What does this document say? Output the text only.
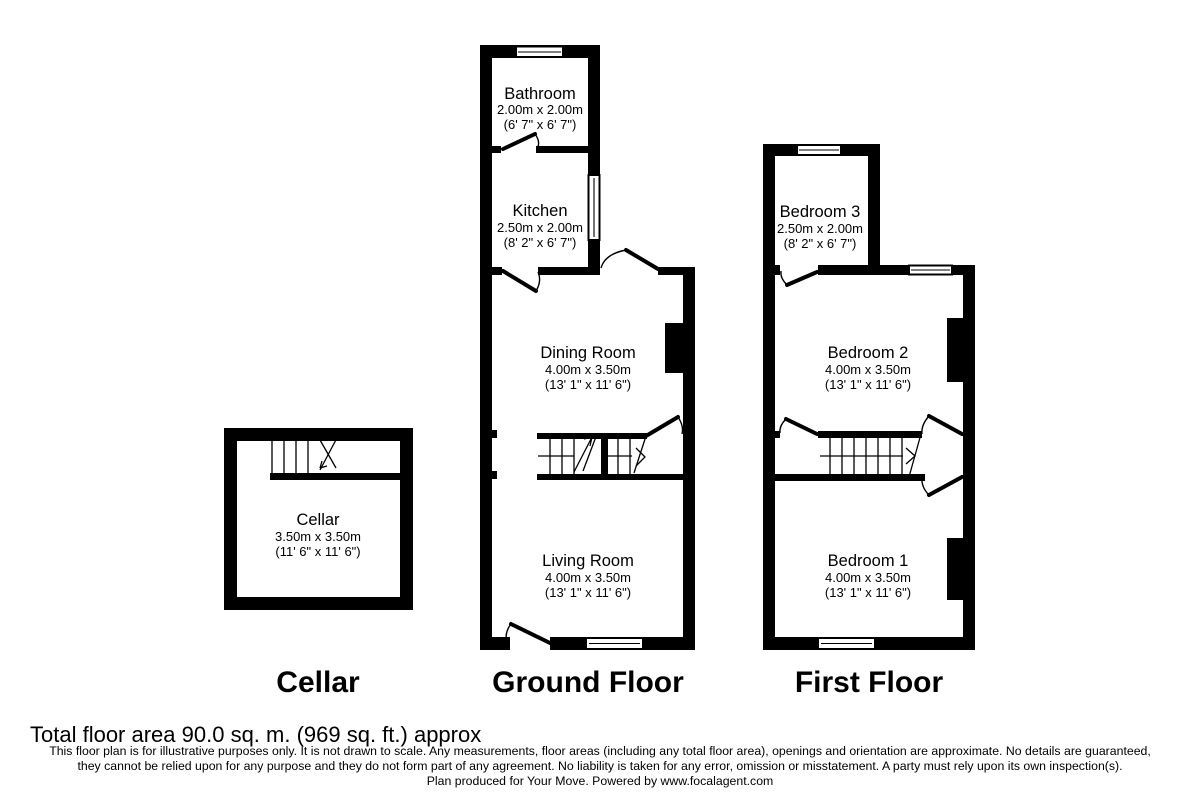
Cellar
3.50m x 3.50m
(11' 6" x 11' 6")
Bathroom
2.00m x 2.00m
(6' 7" x 6' 7")
Kitchen
2.50m x 2.00m
(8' 2" x 6' 7")
Dining Room
4.00m x 3.50m
(13' 1" x 11' 6")
Living Room
4.00m x 3.50m
(13' 1" x 11' 6")
Bedroom 3
2.50m x 2.00m
(8' 2" x 6' 7")
Bedroom 2
4.00m x 3.50m
(13' 1" x 11' 6")
Bedroom 1
4.00m x 3.50m
(13' 1" x 11' 6")
Cellar	Ground Floor	First Floor
Total floor area 90.0 sq. m. (969 sq. ft.) approx
This floor plan is for illustrative purposes only. It is not drawn to scale. Any measurements, floor areas (including any total floor area), openings and orientation are approximate. No details are guaranteed,
they cannot be relied upon for any purpose and they do not form part of any agreement. No liability is taken for any error, omission or misstatement. A party must rely upon its own inspection(s).
Plan produced for Your Move. Powered by www.focalagent.com
